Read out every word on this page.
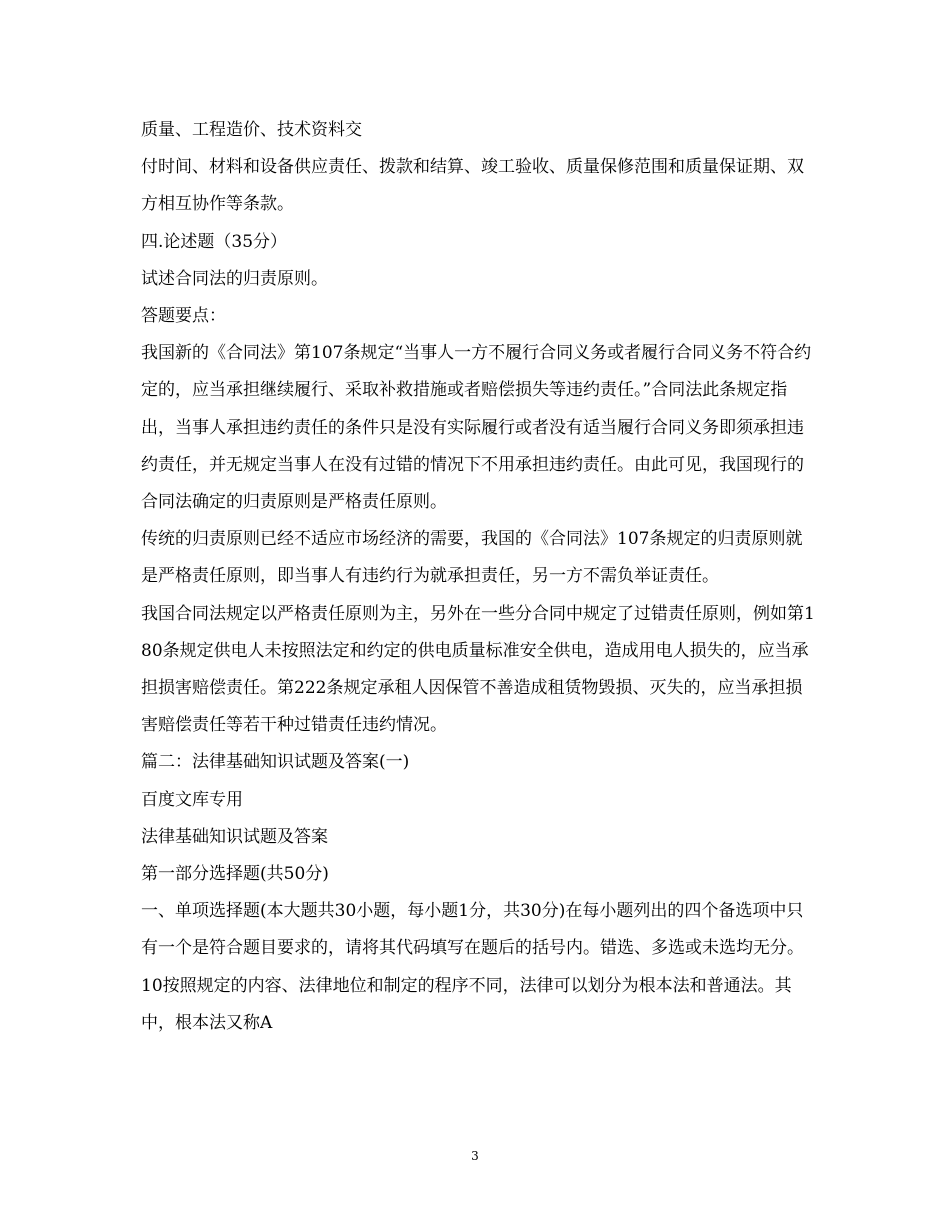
质量、工程造价、技术资料交

付时间、材料和设备供应责任、拨款和结算、竣工验收、质量保修范围和质量保证期、双方相互协作等条款。

四.论述题（35分）

试述合同法的归责原则。

答题要点：

我国新的《合同法》第107条规定“当事人一方不履行合同义务或者履行合同义务不符合约定的，应当承担继续履行、采取补救措施或者赔偿损失等违约责任。”合同法此条规定指出，当事人承担违约责任的条件只是没有实际履行或者没有适当履行合同义务即须承担违约责任，并无规定当事人在没有过错的情况下不用承担违约责任。由此可见，我国现行的合同法确定的归责原则是严格责任原则。

传统的归责原则已经不适应市场经济的需要，我国的《合同法》107条规定的归责原则就是严格责任原则，即当事人有违约行为就承担责任，另一方不需负举证责任。

我国合同法规定以严格责任原则为主，另外在一些分合同中规定了过错责任原则，例如第180条规定供电人未按照法定和约定的供电质量标准安全供电，造成用电人损失的，应当承担损害赔偿责任。第222条规定承租人因保管不善造成租赁物毁损、灭失的，应当承担损害赔偿责任等若干种过错责任违约情况。

篇二：法律基础知识试题及答案(一)

百度文库专用

法律基础知识试题及答案

第一部分选择题(共50分)

一、单项选择题(本大题共30小题，每小题1分，共30分)在每小题列出的四个备选项中只有一个是符合题目要求的，请将其代码填写在题后的括号内。错选、多选或未选均无分。

10按照规定的内容、法律地位和制定的程序不同，法律可以划分为根本法和普通法。其中，根本法又称A

3
